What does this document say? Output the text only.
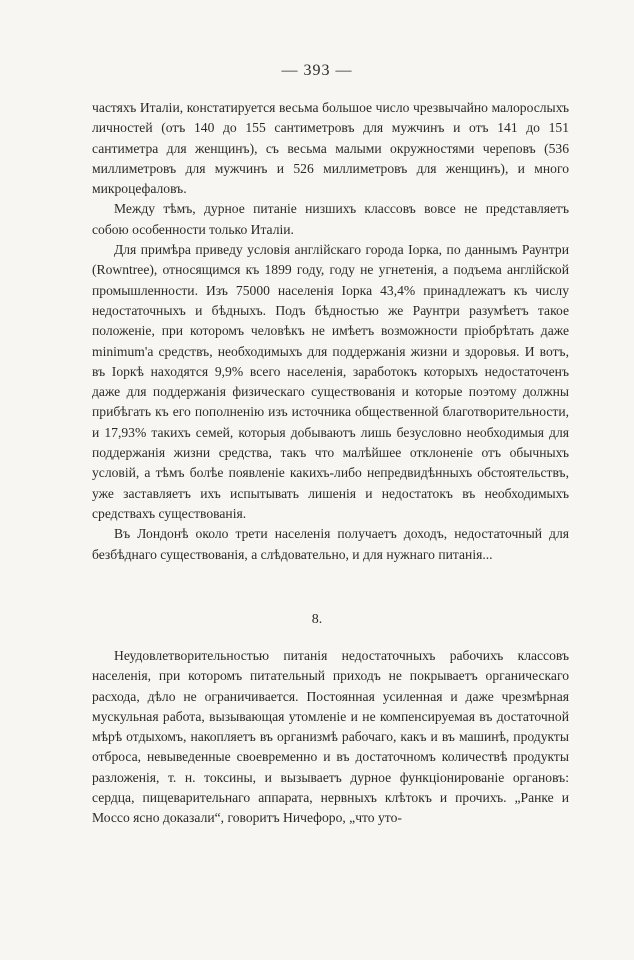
— 393 —

частяхъ Италіи, констатируется весьма большое число чрезвычайно малорослыхъ личностей (отъ 140 до 155 сантиметровъ для мужчинъ и отъ 141 до 151 сантиметра для женщинъ), съ весьма малыми окружностями череповъ (536 миллиметровъ для мужчинъ и 526 миллиметровъ для женщинъ), и много микроцефаловъ.

Между тѣмъ, дурное питаніе низшихъ классовъ вовсе не представляетъ собою особенности только Италіи.

Для примѣра приведу условія англійскаго города Іорка, по даннымъ Раунтри (Rowntree), относящимся къ 1899 году, году не угнетенія, а подъема англійской промышленности. Изъ 75000 населенія Іорка 43,4% принадлежатъ къ числу недостаточныхъ и бѣдныхъ. Подъ бѣдностью же Раунтри разумѣетъ такое положеніе, при которомъ человѣкъ не имѣетъ возможности пріобрѣтать даже minimum'а средствъ, необходимыхъ для поддержанія жизни и здоровья. И вотъ, въ Іоркѣ находятся 9,9% всего населенія, заработокъ которыхъ недостаточенъ даже для поддержанія физическаго существованія и которые поэтому должны прибѣгать къ его пополненію изъ источника общественной благотворительности, и 17,93% такихъ семей, которыя добываютъ лишь безусловно необходимыя для поддержанія жизни средства, такъ что малѣйшее отклоненіе отъ обычныхъ условій, а тѣмъ болѣе появленіе какихъ-либо непредвидѣнныхъ обстоятельствъ, уже заставляетъ ихъ испытывать лишенія и недостатокъ въ необходимыхъ средствахъ существованія.

Въ Лондонѣ около трети населенія получаетъ доходъ, недостаточный для безбѣднаго существованія, а слѣдовательно, и для нужнаго питанія...

8.

Неудовлетворительностью питанія недостаточныхъ рабочихъ классовъ населенія, при которомъ питательный приходъ не покрываетъ органическаго расхода, дѣло не ограничивается. Постоянная усиленная и даже чрезмѣрная мускульная работа, вызывающая утомленіе и не компенсируемая въ достаточной мѣрѣ отдыхомъ, накопляетъ въ организмѣ рабочаго, какъ и въ машинѣ, продукты отброса, невыведенные своевременно и въ достаточномъ количествѣ продукты разложенія, т. н. токсины, и вызываетъ дурное функціонированіе органовъ: сердца, пищеварительнаго аппарата, нервныхъ клѣтокъ и прочихъ. „Ранке и Моссо ясно доказали“, говоритъ Ничефоро, „что уто-
